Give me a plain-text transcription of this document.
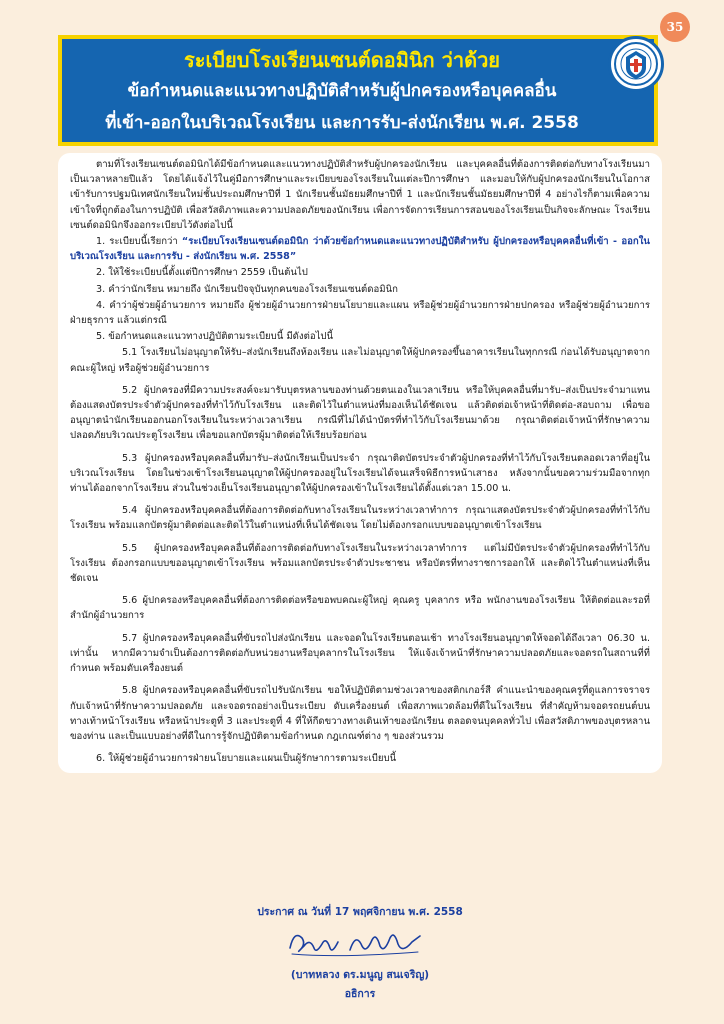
35
ระเบียบโรงเรียนเซนต์ดอมินิก ว่าด้วย
ข้อกำหนดและแนวทางปฏิบัติสำหรับผู้ปกครองหรือบุคคลอื่น
ที่เข้า-ออกในบริเวณโรงเรียน และการรับ-ส่งนักเรียน พ.ศ. 2558

ตามที่โรงเรียนเซนต์ดอมินิกได้มีข้อกำหนดและแนวทางปฏิบัติสำหรับผู้ปกครองนักเรียน และบุคคลอื่นที่ต้องการติดต่อกับทางโรงเรียนมาเป็นเวลาหลายปีแล้ว โดยได้แจ้งไว้ในคู่มือการศึกษาและระเบียบของโรงเรียนในแต่ละปีการศึกษา และมอบให้กับผู้ปกครองนักเรียนในโอกาสเข้ารับการปฐมนิเทศนักเรียนใหม่ชั้นประถมศึกษาปีที่ 1 นักเรียนชั้นมัธยมศึกษาปีที่ 1 และนักเรียนชั้นมัธยมศึกษาปีที่ 4 อย่างไรก็ตามเพื่อความเข้าใจที่ถูกต้องในการปฏิบัติ เพื่อสวัสดิภาพและความปลอดภัยของนักเรียน เพื่อการจัดการเรียนการสอนของโรงเรียนเป็นกิจจะลักษณะ โรงเรียนเซนต์ดอมินิกจึงออกระเบียบไว้ดังต่อไปนี้

1. ระเบียบนี้เรียกว่า “ระเบียบโรงเรียนเซนต์ดอมินิก ว่าด้วยข้อกำหนดและแนวทางปฏิบัติสำหรับ ผู้ปกครองหรือบุคคลอื่นที่เข้า - ออกในบริเวณโรงเรียน และการรับ - ส่งนักเรียน พ.ศ. 2558”

2. ให้ใช้ระเบียบนี้ตั้งแต่ปีการศึกษา 2559 เป็นต้นไป

3. คำว่านักเรียน หมายถึง นักเรียนปัจจุบันทุกคนของโรงเรียนเซนต์ดอมินิก

4. คำว่าผู้ช่วยผู้อำนวยการ หมายถึง ผู้ช่วยผู้อำนวยการฝ่ายนโยบายและแผน หรือผู้ช่วยผู้อำนวยการฝ่ายปกครอง หรือผู้ช่วยผู้อำนวยการฝ่ายธุรการ แล้วแต่กรณี

5. ข้อกำหนดและแนวทางปฏิบัติตามระเบียบนี้ มีดังต่อไปนี้

5.1 โรงเรียนไม่อนุญาตให้รับ–ส่งนักเรียนถึงห้องเรียน และไม่อนุญาตให้ผู้ปกครองขึ้นอาคารเรียนในทุกกรณี ก่อนได้รับอนุญาตจากคณะผู้ใหญ่ หรือผู้ช่วยผู้อำนวยการ

5.2 ผู้ปกครองที่มีความประสงค์จะมารับบุตรหลานของท่านด้วยตนเองในเวลาเรียน หรือให้บุคคลอื่นที่มารับ–ส่งเป็นประจำมาแทน ต้องแสดงบัตรประจำตัวผู้ปกครองที่ทำไว้กับโรงเรียน และติดไว้ในตำแหน่งที่มองเห็นได้ชัดเจน แล้วติดต่อเจ้าหน้าที่ติดต่อ-สอบถาม เพื่อขออนุญาตนำนักเรียนออกนอกโรงเรียนในระหว่างเวลาเรียน กรณีที่ไม่ได้นำบัตรที่ทำไว้กับโรงเรียนมาด้วย กรุณาติดต่อเจ้าหน้าที่รักษาความปลอดภัยบริเวณประตูโรงเรียน เพื่อขอแลกบัตรผู้มาติดต่อให้เรียบร้อยก่อน

5.3 ผู้ปกครองหรือบุคคลอื่นที่มารับ–ส่งนักเรียนเป็นประจำ กรุณาติดบัตรประจำตัวผู้ปกครองที่ทำไว้กับโรงเรียนตลอดเวลาที่อยู่ในบริเวณโรงเรียน โดยในช่วงเช้าโรงเรียนอนุญาตให้ผู้ปกครองอยู่ในโรงเรียนได้จนเสร็จพิธีการหน้าเสาธง หลังจากนั้นขอความร่วมมือจากทุกท่านได้ออกจากโรงเรียน ส่วนในช่วงเย็นโรงเรียนอนุญาตให้ผู้ปกครองเข้าในโรงเรียนได้ตั้งแต่เวลา 15.00 น.

5.4 ผู้ปกครองหรือบุคคลอื่นที่ต้องการติดต่อกับทางโรงเรียนในระหว่างเวลาทำการ กรุณาแสดงบัตรประจำตัวผู้ปกครองที่ทำไว้กับโรงเรียน พร้อมแลกบัตรผู้มาติดต่อและติดไว้ในตำแหน่งที่เห็นได้ชัดเจน โดยไม่ต้องกรอกแบบขออนุญาตเข้าโรงเรียน

5.5 ผู้ปกครองหรือบุคคลอื่นที่ต้องการติดต่อกับทางโรงเรียนในระหว่างเวลาทำการ แต่ไม่มีบัตรประจำตัวผู้ปกครองที่ทำไว้กับโรงเรียน ต้องกรอกแบบขออนุญาตเข้าโรงเรียน พร้อมแลกบัตรประจำตัวประชาชน หรือบัตรที่ทางราชการออกให้ และติดไว้ในตำแหน่งที่เห็นชัดเจน

5.6 ผู้ปกครองหรือบุคคลอื่นที่ต้องการติดต่อหรือขอพบคณะผู้ใหญ่ คุณครู บุคลากร หรือ พนักงานของโรงเรียน ให้ติดต่อและรอที่สำนักผู้อำนวยการ

5.7 ผู้ปกครองหรือบุคคลอื่นที่ขับรถไปส่งนักเรียน และจอดในโรงเรียนตอนเช้า ทางโรงเรียนอนุญาตให้จอดได้ถึงเวลา 06.30 น. เท่านั้น หากมีความจำเป็นต้องการติดต่อกับหน่วยงานหรือบุคลากรในโรงเรียน ให้แจ้งเจ้าหน้าที่รักษาความปลอดภัยและจอดรถในสถานที่ที่กำหนด พร้อมดับเครื่องยนต์

5.8 ผู้ปกครองหรือบุคคลอื่นที่ขับรถไปรับนักเรียน ขอให้ปฏิบัติตามช่วงเวลาของสติกเกอร์สี คำแนะนำของคุณครูที่ดูแลการจราจร กับเจ้าหน้าที่รักษาความปลอดภัย และจอดรถอย่างเป็นระเบียบ ดับเครื่องยนต์ เพื่อสภาพแวดล้อมที่ดีในโรงเรียน ที่สำคัญห้ามจอดรถยนต์บนทางเท้าหน้าโรงเรียน หรือหน้าประตูที่ 3 และประตูที่ 4 ที่ให้กีดขวางทางเดินเท้าของนักเรียน ตลอดจนบุคคลทั่วไป เพื่อสวัสดิภาพของบุตรหลานของท่าน และเป็นแบบอย่างที่ดีในการรู้จักปฏิบัติตามข้อกำหนด กฎเกณฑ์ต่าง ๆ ของส่วนรวม

6. ให้ผู้ช่วยผู้อำนวยการฝ่ายนโยบายและแผนเป็นผู้รักษาการตามระเบียบนี้

ประกาศ ณ วันที่ 17 พฤศจิกายน พ.ศ. 2558
(บาทหลวง ดร.มนูญ สนเจริญ)
อธิการ
